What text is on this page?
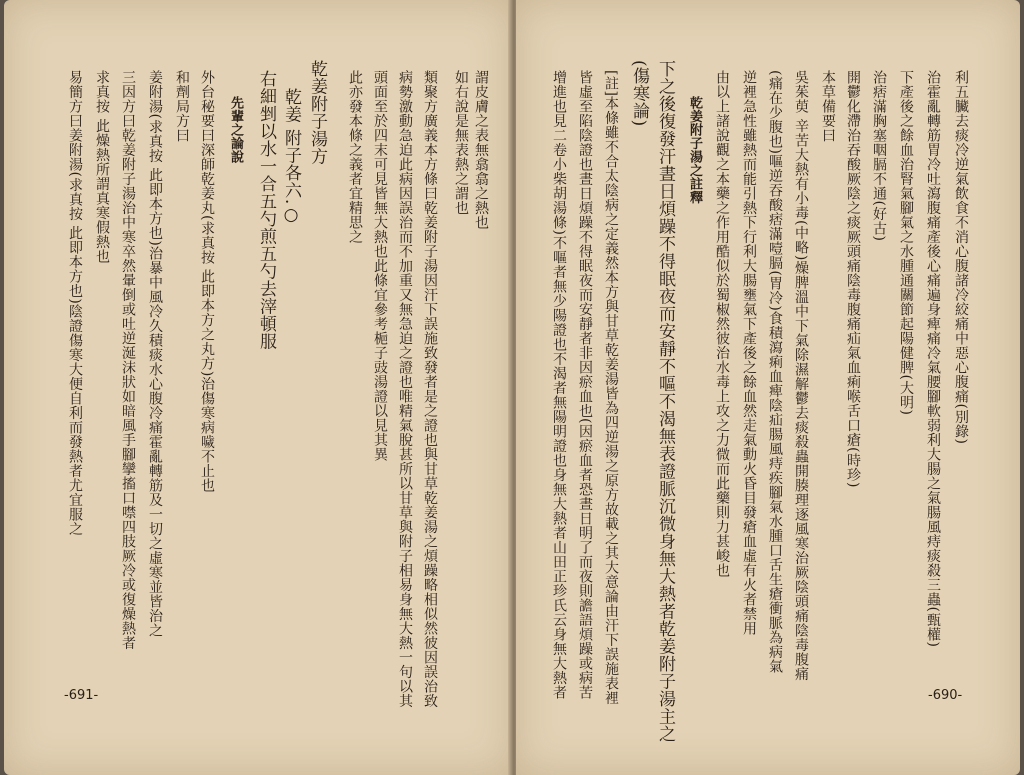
謂皮膚之表無翕翕之熱也
如右說是無表熱之謂也
類聚方廣義本方條曰乾姜附子湯因汗下誤施致發者是之證也與甘草乾姜湯之煩躁略相似然彼因誤治致
病勢激動急迫此病因誤治而不加重又無急迫之證也唯精氣脫甚所以甘草與附子相易身無大熱一句以其
頭面至於四末可見皆無大熱也此條宜參考梔子豉湯證以見其異
此亦發本條之義者宜精思之
乾姜附子湯方
乾姜 附子各六.○
右細剉以水一合五勺煎五勺去滓頓服
先輩之論說
外台秘要曰深師乾姜丸(求真按 此即本方之丸方)治傷寒病噦不止也
和劑局方曰
姜附湯(求真按 此即本方也)治暴中風冷久積痰水心腹冷痛霍亂轉筋及一切之虛寒並皆治之
三因方曰乾姜附子湯治中寒卒然暈倒或吐逆涎沫狀如暗風手腳攣搐口噤四肢厥冷或復燥熱者
求真按 此燥熱所謂真寒假熱也
易簡方曰姜附湯(求真按 此即本方也)陰證傷寒大便自利而發熱者尤宜服之
-691-
利五臟去痰冷逆氣飲食不消心腹諸冷絞痛中惡心腹痛(別錄)
治霍亂轉筋胃冷吐瀉腹痛產後心痛遍身痺痛冷氣腰腳軟弱利大腸之氣腸風痔痰殺三蟲(甄權)
下產後之餘血治腎氣腳氣之水腫通關節起陽健脾(大明)
治痞滿胸塞咽膈不通(好古)
開鬱化滯治吞酸厥陰之痰厥頭痛陰毒腹痛疝氣血痢喉舌口瘡(時珍)
本草備要曰
吳茱萸 辛苦大熱有小毒(中略)燥脾溫中下氣除濕解鬱去痰殺蟲開腠理逐風寒治厥陰頭痛陰毒腹痛
(痛在少腹也)嘔逆吞酸痞滿噎膈(胃冷)食積瀉痢血痺陰疝腸風痔疾腳氣水腫口舌生瘡衝脈為病氣
逆裡急性雖熱而能引熱下行利大腸壅氣下產後之餘血然走氣動火昏目發瘡血虛有火者禁用
由以上諸說觀之本藥之作用酷似於蜀椒然彼治水毒上攻之力微而此藥則力甚峻也
乾姜附子湯之註釋
下之後復發汗晝日煩躁不得眠夜而安靜不嘔不渴無表證脈沉微身無大熱者乾姜附子湯主之
(傷寒論)
[註]本條雖不合太陰病之定義然本方與甘草乾姜湯皆為四逆湯之原方故載之其大意論由汗下誤施表裡
皆虛至陷陰證也晝日煩躁不得眠夜而安靜者非因瘀血也(因瘀血者恐晝日明了而夜則譫語煩躁或病苦
增進也見二卷小柴胡湯條)不嘔者無少陽證也不渴者無陽明證也身無大熱者山田正珍氏云身無大熱者	-690-
